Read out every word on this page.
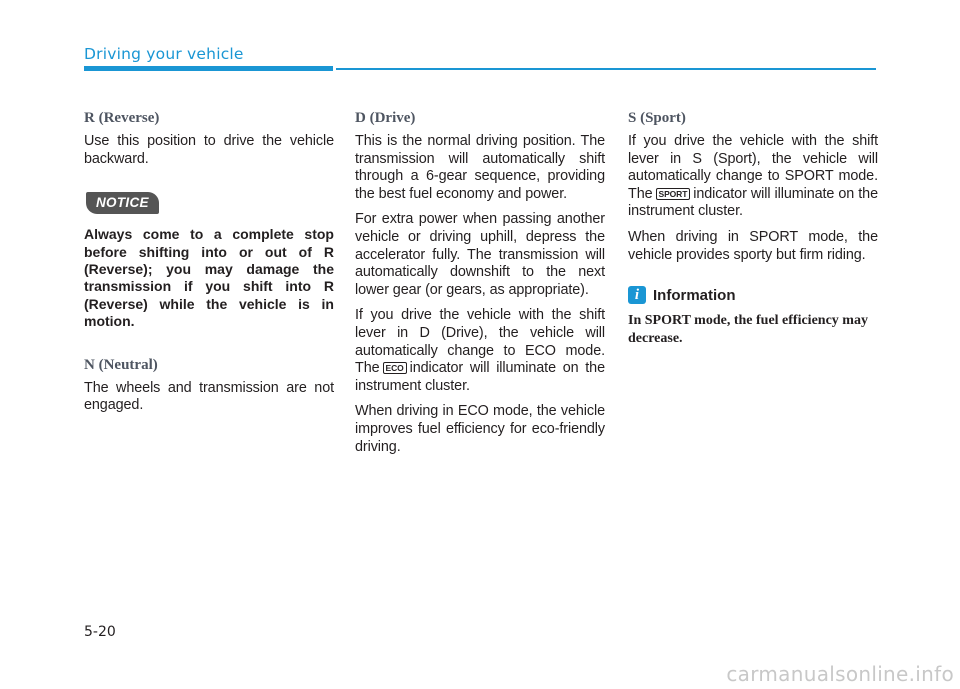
Driving your vehicle
R (Reverse)

Use this position to drive the vehicle backward.

NOTICE

Always come to a complete stop before shifting into or out of R (Reverse); you may damage the transmission if you shift into R (Reverse) while the vehicle is in motion.

N (Neutral)

The wheels and transmission are not engaged.

D (Drive)

This is the normal driving position. The transmission will automatically shift through a 6-gear sequence, providing the best fuel economy and power.

For extra power when passing another vehicle or driving uphill, depress the accelerator fully. The transmission will automatically downshift to the next lower gear (or gears, as appropriate).

If you drive the vehicle with the shift lever in D (Drive), the vehicle will automatically change to ECO mode. The ECO indicator will illuminate on the instrument cluster.

When driving in ECO mode, the vehicle improves fuel efficiency for eco-friendly driving.

S (Sport)

If you drive the vehicle with the shift lever in S (Sport), the vehicle will automatically change to SPORT mode. The SPORT indicator will illuminate on the instrument cluster.

When driving in SPORT mode, the vehicle provides sporty but firm riding.

i Information

In SPORT mode, the fuel efficiency may decrease.

5-20
carmanualsonline.info
